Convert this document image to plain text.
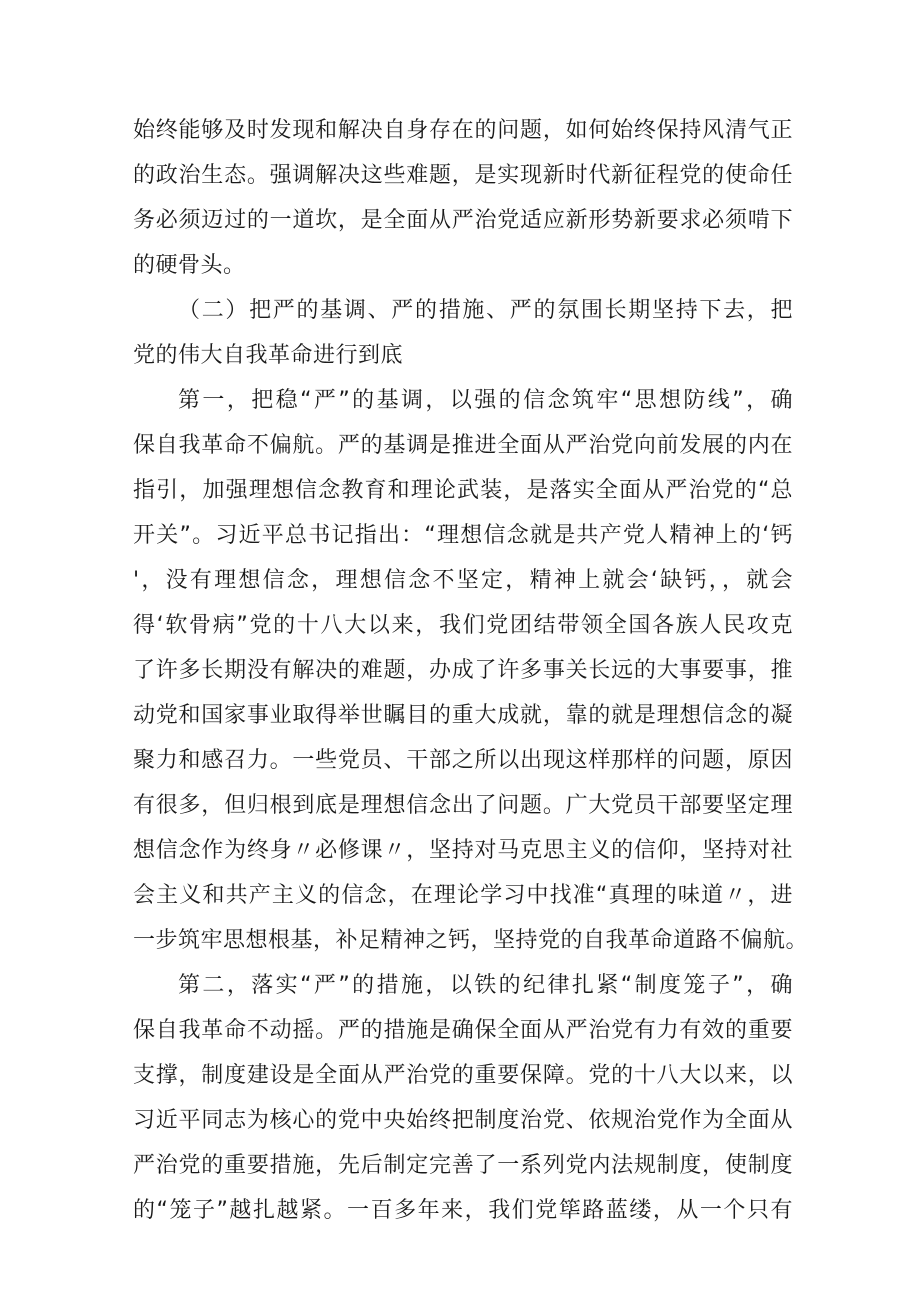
始终能够及时发现和解决自身存在的问题，如何始终保持风清气正

的政治生态。强调解决这些难题，是实现新时代新征程党的使命任

务必须迈过的一道坎，是全面从严治党适应新形势新要求必须啃下

的硬骨头。

（二）把严的基调、严的措施、严的氛围长期坚持下去，把

党的伟大自我革命进行到底

第一，把稳“严”的基调，以强的信念筑牢“思想防线”，确

保自我革命不偏航。严的基调是推进全面从严治党向前发展的内在

指引，加强理想信念教育和理论武装，是落实全面从严治党的“总

开关”。习近平总书记指出：“理想信念就是共产党人精神上的‘钙

'，没有理想信念，理想信念不坚定，精神上就会‘缺钙，，就会

得‘软骨病”党的十八大以来，我们党团结带领全国各族人民攻克

了许多长期没有解决的难题，办成了许多事关长远的大事要事，推

动党和国家事业取得举世瞩目的重大成就，靠的就是理想信念的凝

聚力和感召力。一些党员、干部之所以出现这样那样的问题，原因

有很多，但归根到底是理想信念出了问题。广大党员干部要坚定理

想信念作为终身〃必修课〃，坚持对马克思主义的信仰，坚持对社

会主义和共产主义的信念，在理论学习中找准“真理的味道〃，进

一步筑牢思想根基，补足精神之钙，坚持党的自我革命道路不偏航。

第二，落实“严”的措施，以铁的纪律扎紧“制度笼子”，确

保自我革命不动摇。严的措施是确保全面从严治党有力有效的重要

支撑，制度建设是全面从严治党的重要保障。党的十八大以来，以

习近平同志为核心的党中央始终把制度治党、依规治党作为全面从

严治党的重要措施，先后制定完善了一系列党内法规制度，使制度

的“笼子”越扎越紧。一百多年来，我们党筚路蓝缕，从一个只有
